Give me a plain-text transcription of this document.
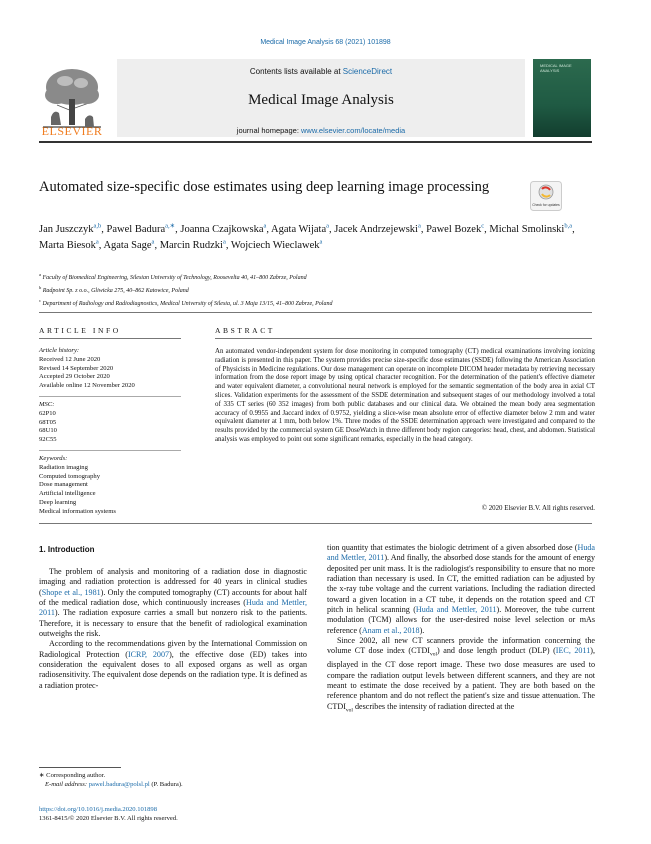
Medical Image Analysis 68 (2021) 101898
ELSEVIER
Contents lists available at ScienceDirect
Medical Image Analysis
journal homepage: www.elsevier.com/locate/media
MEDICAL IMAGE ANALYSIS
Automated size-specific dose estimates using deep learning image processing
Check for updates
Jan Juszczyk$^{a,b}$, Pawel Badura$^{a,∗}$, Joanna Czajkowska$^a$, Agata Wijata$^a$, Jacek Andrzejewski$^a$, Pawel Bozek$^c$, Michal Smolinski$^{b,a}$, Marta Biesok$^a$, Agata Sage$^a$, Marcin Rudzki$^a$, Wojciech Wieclawek$^a$
$^a$ Faculty of Biomedical Engineering, Silesian University of Technology, Roosevelta 40, 41–800 Zabrze, Poland
$^b$ Radpoint Sp. z o.o., Gliwicka 275, 40–862 Katowice, Poland
$^c$ Department of Radiology and Radiodiagnostics, Medical University of Silesia, ul. 3 Maja 13/15, 41–800 Zabrze, Poland
ARTICLE INFO
Article history:
Received 12 June 2020
Revised 14 September 2020
Accepted 29 October 2020
Available online 12 November 2020
MSC:
62P10
68T05
68U10
92C55
Keywords:
Radiation imaging
Computed tomography
Dose management
Artificial intelligence
Deep learning
Medical information systems
ABSTRACT
An automated vendor-independent system for dose monitoring in computed tomography (CT) medical examinations involving ionizing radiation is presented in this paper. The system provides precise size-specific dose estimates (SSDE) following the American Association of Physicists in Medicine regulations. Our dose management can operate on incomplete DICOM header metadata by retrieving necessary information from the dose report image by using optical character recognition. For the determination of the patient's effective diameter and water equivalent diameter, a convolutional neural network is employed for the semantic segmentation of the body area in axial CT slices. Validation experiments for the assessment of the SSDE determination and subsequent stages of our methodology involved a total of 335 CT series (60 352 images) from both public databases and our clinical data. We obtained the mean body area segmentation accuracy of 0.9955 and Jaccard index of 0.9752, yielding a slice-wise mean absolute error of effective diameter below 2 mm and water equivalent diameter at 1 mm, both below 1%. Three modes of the SSDE determination approach were investigated and compared to the results provided by the commercial system GE DoseWatch in three different body region categories: head, chest, and abdomen. Statistical analysis was employed to point out some significant remarks, especially in the head category.
© 2020 Elsevier B.V. All rights reserved.
1. Introduction

The problem of analysis and monitoring of a radiation dose in diagnostic imaging and radiation protection is addressed for 40 years in clinical studies (Shope et al., 1981). Only the computed tomography (CT) accounts for about half of the medical radiation dose, which continuously increases (Huda and Mettler, 2011). The radiation exposure carries a small but nonzero risk to the patients. Therefore, it is necessary to ensure that the benefit of radiological examination outweighs the risk.

According to the recommendations given by the International Commission on Radiological Protection (ICRP, 2007), the effective dose (ED) takes into consideration the equivalent doses to all exposed organs as well as organ radiosensitivity. The equivalent dose depends on the radiation type. It is defined as a radiation protec-

tion quantity that estimates the biologic detriment of a given absorbed dose (Huda and Mettler, 2011). And finally, the absorbed dose stands for the amount of energy deposited per unit mass. It is the radiologist's responsibility to ensure that no more radiation than necessary is used. In CT, the emitted radiation can be adjusted by the x-ray tube voltage and the current variations. Including the radiation directed toward a given location in a CT tube, it depends on the rotation speed and CT pitch in helical scanning (Huda and Mettler, 2011). Moreover, the tube current modulation (TCM) allows for the user-desired noise level selection or mAs reference (Anam et al., 2018).

Since 2002, all new CT scanners provide the information concerning the volume CT dose index $(CTDI_{vol})$ and dose length product (DLP) (IEC, 2011), displayed in the CT dose report image. These two dose measures are used to compare the radiation output levels between different scanners, and they are not meant to estimate the dose received by a patient. They are both based on the reference phantom and do not reflect the patient's size and tissue attenuation. The $CTDI_{vol}$ describes the intensity of radiation directed at the

∗ Corresponding author.
E-mail address: pawel.badura@polsl.pl (P. Badura).
https://doi.org/10.1016/j.media.2020.101898
1361-8415/© 2020 Elsevier B.V. All rights reserved.
